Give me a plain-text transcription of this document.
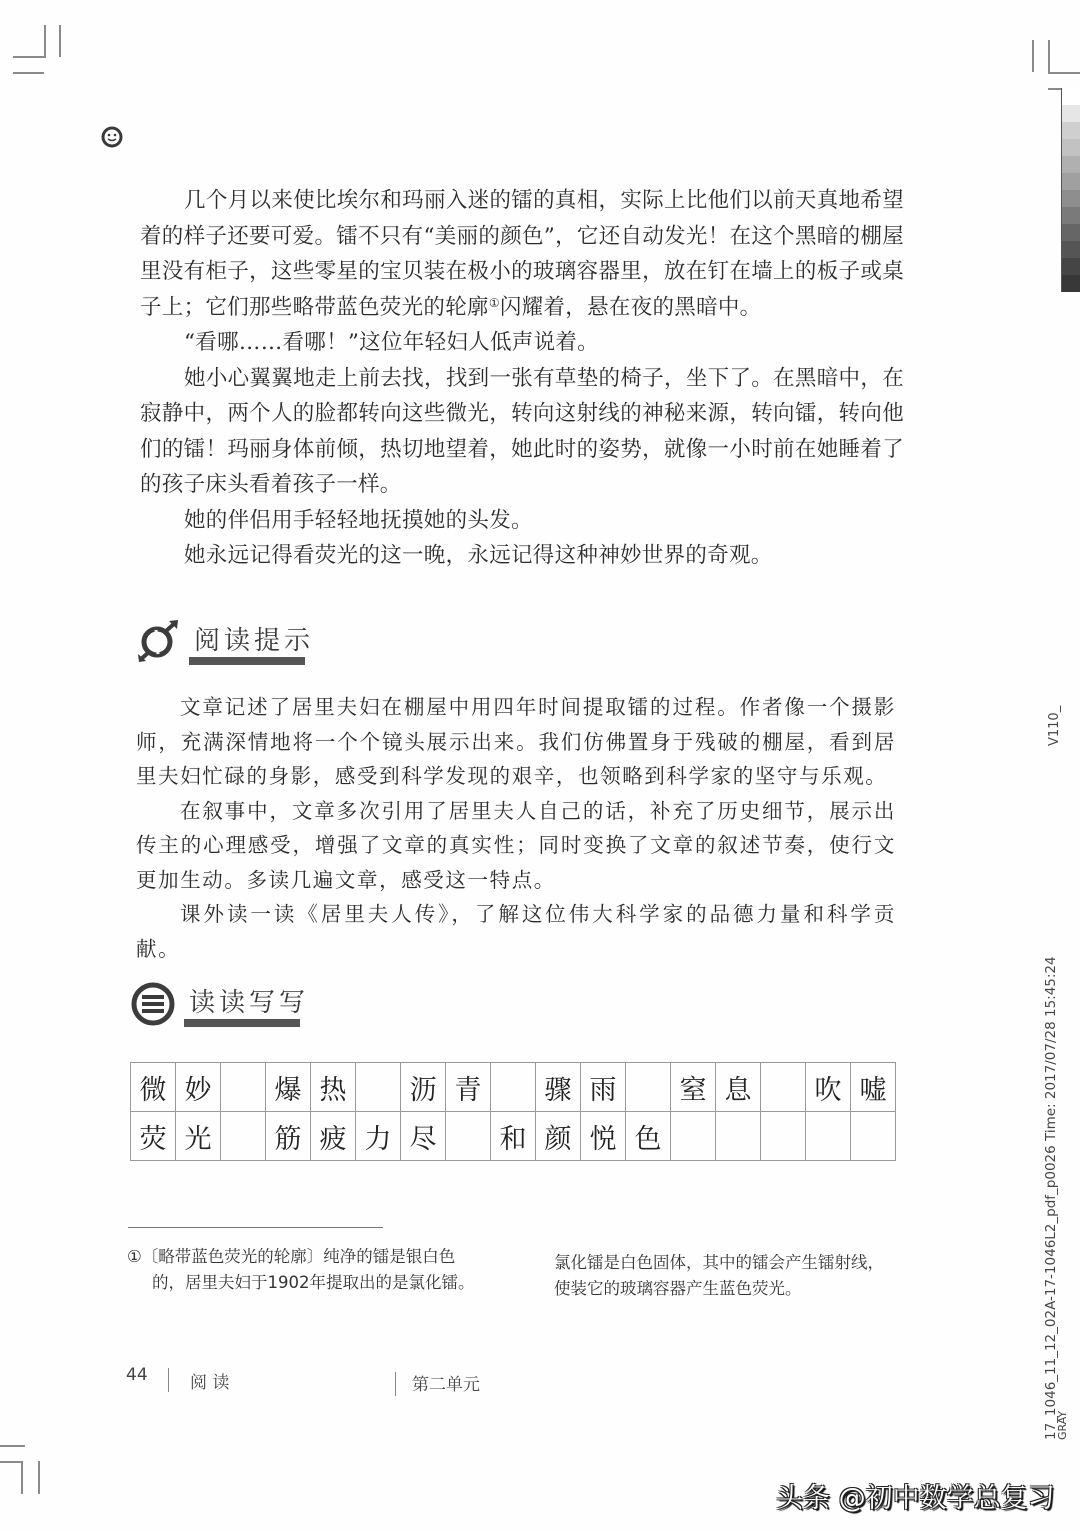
几个月以来使比埃尔和玛丽入迷的镭的真相，实际上比他们以前天真地希望着的样子还要可爱。镭不只有“美丽的颜色”，它还自动发光！在这个黑暗的棚屋里没有柜子，这些零星的宝贝装在极小的玻璃容器里，放在钉在墙上的板子或桌子上；它们那些略带蓝色荧光的轮廓①闪耀着，悬在夜的黑暗中。

“看哪……看哪！”这位年轻妇人低声说着。

她小心翼翼地走上前去找，找到一张有草垫的椅子，坐下了。在黑暗中，在寂静中，两个人的脸都转向这些微光，转向这射线的神秘来源，转向镭，转向他们的镭！玛丽身体前倾，热切地望着，她此时的姿势，就像一小时前在她睡着了的孩子床头看着孩子一样。

她的伴侣用手轻轻地抚摸她的头发。

她永远记得看荧光的这一晚，永远记得这种神妙世界的奇观。

阅读提示

文章记述了居里夫妇在棚屋中用四年时间提取镭的过程。作者像一个摄影师，充满深情地将一个个镜头展示出来。我们仿佛置身于残破的棚屋，看到居里夫妇忙碌的身影，感受到科学发现的艰辛，也领略到科学家的坚守与乐观。

在叙事中，文章多次引用了居里夫人自己的话，补充了历史细节，展示出传主的心理感受，增强了文章的真实性；同时变换了文章的叙述节奏，使行文更加生动。多读几遍文章，感受这一特点。

课外读一读《居里夫人传》，了解这位伟大科学家的品德力量和科学贡献。

读读写写
微	妙		爆	热		沥	青		骤	雨		窒	息		吹	嘘
荧	光		筋	疲	力	尽		和	颜	悦	色					
①〔略带蓝色荧光的轮廓〕纯净的镭是银白色
的，居里夫妇于1902年提取出的是氯化镭。
氯化镭是白色固体，其中的镭会产生镭射线，
使装它的玻璃容器产生蓝色荧光。
44 阅 读	第二单元
V110_
17_1046_11_12_02A-17-1046L2_pdf_p0026 Time: 2017/07/28 15:45:24
GRAY
头条 @初中数学总复习
